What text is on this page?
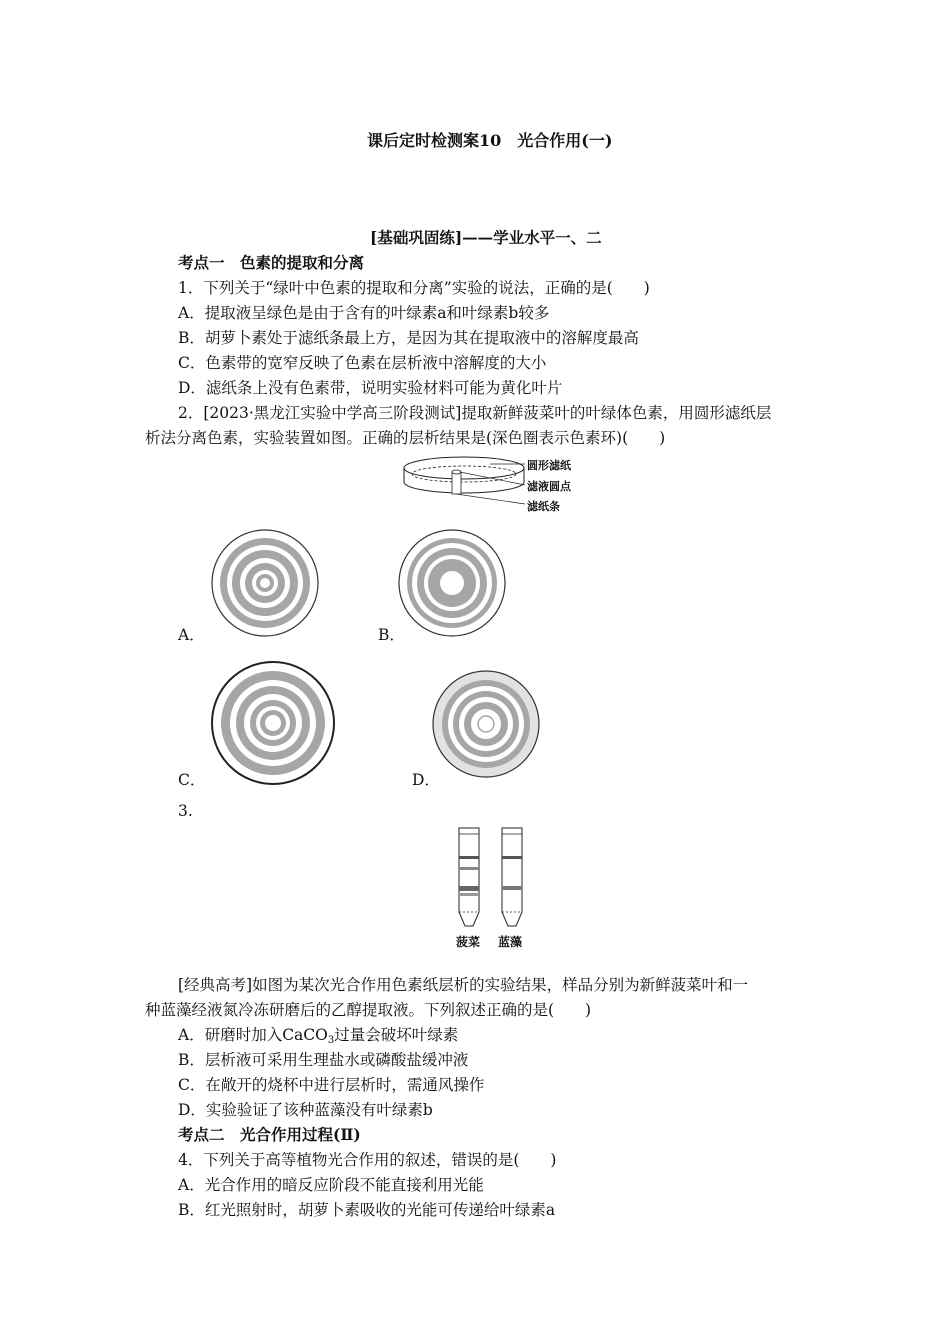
课后定时检测案10　光合作用(一)
[基础巩固练]——学业水平一、二
考点一　色素的提取和分离
1．下列关于“绿叶中色素的提取和分离”实验的说法，正确的是(　　)
A．提取液呈绿色是由于含有的叶绿素a和叶绿素b较多
B．胡萝卜素处于滤纸条最上方，是因为其在提取液中的溶解度最高
C．色素带的宽窄反映了色素在层析液中溶解度的大小
D．滤纸条上没有色素带，说明实验材料可能为黄化叶片
2．[2023·黑龙江实验中学高三阶段测试]提取新鲜菠菜叶的叶绿体色素，用圆形滤纸层
析法分离色素，实验装置如图。正确的层析结果是(深色圈表示色素环)(　　)
圆形滤纸
滤液圆点
滤纸条
A．	B．
C．	D．
3.
菠菜 蓝藻
[经典高考]如图为某次光合作用色素纸层析的实验结果，样品分别为新鲜菠菜叶和一
种蓝藻经液氮冷冻研磨后的乙醇提取液。下列叙述正确的是(　　)
A．研磨时加入CaCO$_3$过量会破坏叶绿素
B．层析液可采用生理盐水或磷酸盐缓冲液
C．在敞开的烧杯中进行层析时，需通风操作
D．实验验证了该种蓝藻没有叶绿素b
考点二　光合作用过程(Ⅱ)
4．下列关于高等植物光合作用的叙述，错误的是(　　)
A．光合作用的暗反应阶段不能直接利用光能
B．红光照射时，胡萝卜素吸收的光能可传递给叶绿素a
